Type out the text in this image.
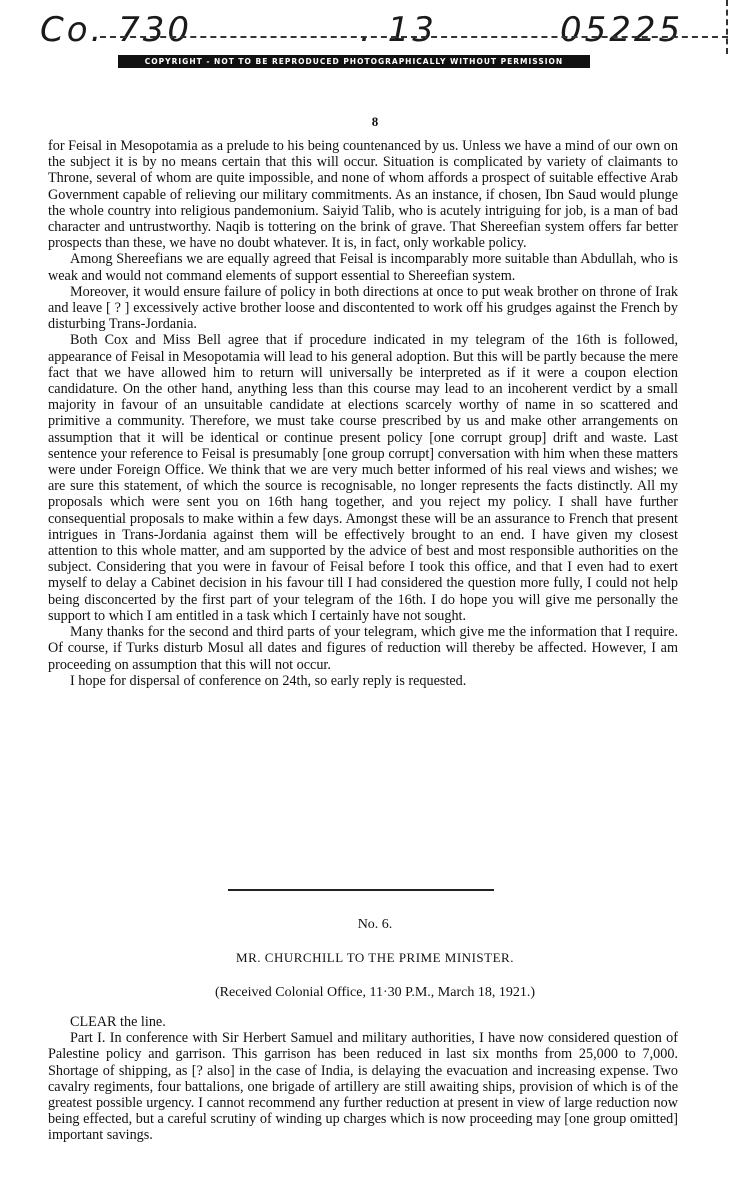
Co. 730	. 13	05225
COPYRIGHT - NOT TO BE REPRODUCED PHOTOGRAPHICALLY WITHOUT PERMISSION
8

for Feisal in Mesopotamia as a prelude to his being countenanced by us. Unless we have a mind of our own on the subject it is by no means certain that this will occur. Situation is complicated by variety of claimants to Throne, several of whom are quite impossible, and none of whom affords a prospect of suitable effective Arab Government capable of relieving our military commitments. As an instance, if chosen, Ibn Saud would plunge the whole country into religious pandemonium. Saiyid Talib, who is acutely intriguing for job, is a man of bad character and untrustworthy. Naqib is tottering on the brink of grave. That Shereefian system offers far better prospects than these, we have no doubt whatever. It is, in fact, only workable policy.

Among Shereefians we are equally agreed that Feisal is incomparably more suitable than Abdullah, who is weak and would not command elements of support essential to Shereefian system.

Moreover, it would ensure failure of policy in both directions at once to put weak brother on throne of Irak and leave [ ? ] excessively active brother loose and discontented to work off his grudges against the French by disturbing Trans-Jordania.

Both Cox and Miss Bell agree that if procedure indicated in my telegram of the 16th is followed, appearance of Feisal in Mesopotamia will lead to his general adoption. But this will be partly because the mere fact that we have allowed him to return will universally be interpreted as if it were a coupon election candidature. On the other hand, anything less than this course may lead to an incoherent verdict by a small majority in favour of an unsuitable candidate at elections scarcely worthy of name in so scattered and primitive a community. Therefore, we must take course prescribed by us and make other arrangements on assumption that it will be identical or continue present policy [one corrupt group] drift and waste. Last sentence your reference to Feisal is presumably [one group corrupt] conversation with him when these matters were under Foreign Office. We think that we are very much better informed of his real views and wishes; we are sure this statement, of which the source is recognisable, no longer represents the facts distinctly. All my proposals which were sent you on 16th hang together, and you reject my policy. I shall have further consequential proposals to make within a few days. Amongst these will be an assurance to French that present intrigues in Trans-Jordania against them will be effectively brought to an end. I have given my closest attention to this whole matter, and am supported by the advice of best and most responsible authorities on the subject. Considering that you were in favour of Feisal before I took this office, and that I even had to exert myself to delay a Cabinet decision in his favour till I had considered the question more fully, I could not help being disconcerted by the first part of your telegram of the 16th. I do hope you will give me personally the support to which I am entitled in a task which I certainly have not sought.

Many thanks for the second and third parts of your telegram, which give me the information that I require. Of course, if Turks disturb Mosul all dates and figures of reduction will thereby be affected. However, I am proceeding on assumption that this will not occur.

I hope for dispersal of conference on 24th, so early reply is requested.

No. 6.
MR. CHURCHILL TO THE PRIME MINISTER.
(Received Colonial Office, 11·30 P.M., March 18, 1921.)

CLEAR the line.

Part I. In conference with Sir Herbert Samuel and military authorities, I have now considered question of Palestine policy and garrison. This garrison has been reduced in last six months from 25,000 to 7,000. Shortage of shipping, as [? also] in the case of India, is delaying the evacuation and increasing expense. Two cavalry regiments, four battalions, one brigade of artillery are still awaiting ships, provision of which is of the greatest possible urgency. I cannot recommend any further reduction at present in view of large reduction now being effected, but a careful scrutiny of winding up charges which is now proceeding may [one group omitted] important savings.
